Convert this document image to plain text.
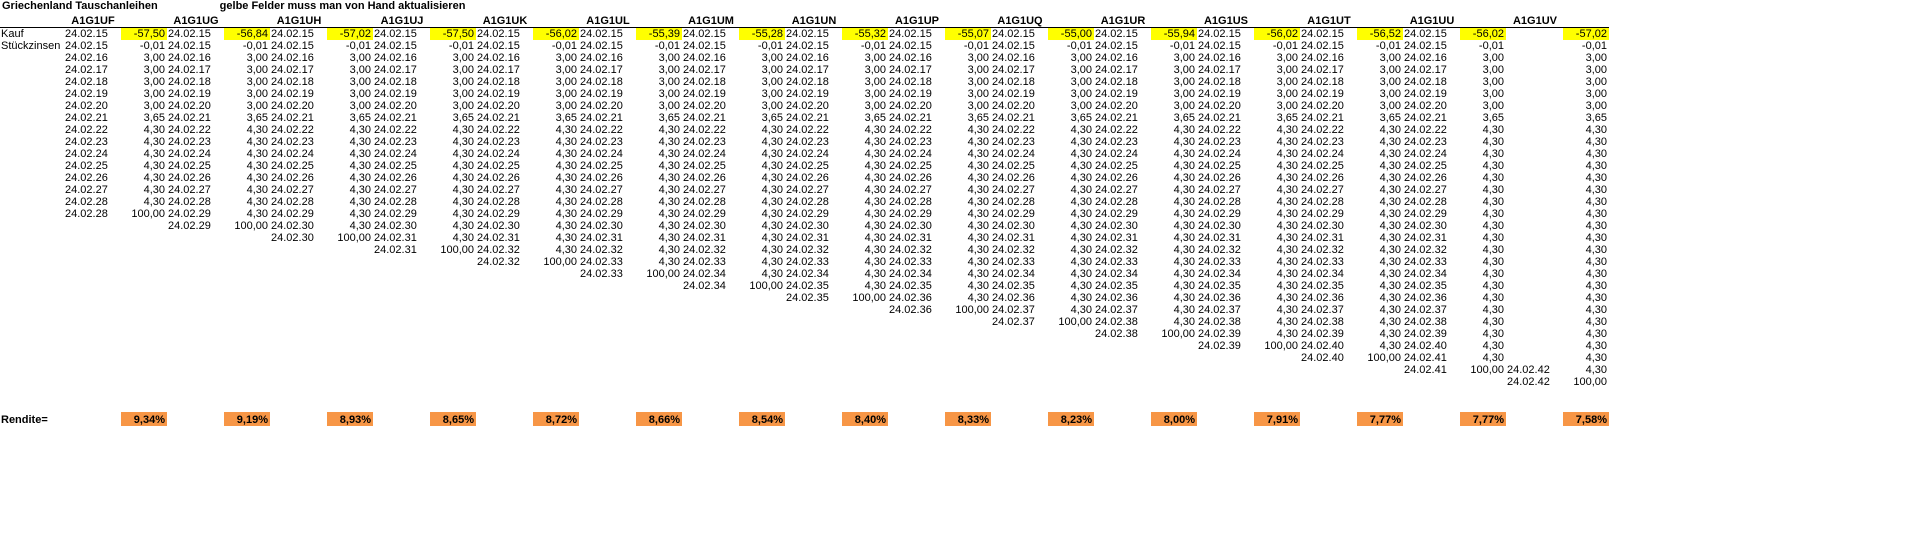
Griechenland Tauschanleihen	gelbe Felder muss man von Hand aktualisieren
	A1G1UF		A1G1UG		A1G1UH		A1G1UJ		A1G1UK		A1G1UL		A1G1UM		A1G1UN		A1G1UP		A1G1UQ		A1G1UR		A1G1US		A1G1UT		A1G1UU		A1G1UV	
Kauf	24.02.15	-57,50	24.02.15	-56,84	24.02.15	-57,02	24.02.15	-57,50	24.02.15	-56,02	24.02.15	-55,39	24.02.15	-55,28	24.02.15	-55,32	24.02.15	-55,07	24.02.15	-55,00	24.02.15	-55,94	24.02.15	-56,02	24.02.15	-56,52	24.02.15	-56,02		-57,02
Stückzinsen	24.02.15	-0,01	24.02.15	-0,01	24.02.15	-0,01	24.02.15	-0,01	24.02.15	-0,01	24.02.15	-0,01	24.02.15	-0,01	24.02.15	-0,01	24.02.15	-0,01	24.02.15	-0,01	24.02.15	-0,01	24.02.15	-0,01	24.02.15	-0,01	24.02.15	-0,01		-0,01
	24.02.16	3,00	24.02.16	3,00	24.02.16	3,00	24.02.16	3,00	24.02.16	3,00	24.02.16	3,00	24.02.16	3,00	24.02.16	3,00	24.02.16	3,00	24.02.16	3,00	24.02.16	3,00	24.02.16	3,00	24.02.16	3,00	24.02.16	3,00		3,00
	24.02.17	3,00	24.02.17	3,00	24.02.17	3,00	24.02.17	3,00	24.02.17	3,00	24.02.17	3,00	24.02.17	3,00	24.02.17	3,00	24.02.17	3,00	24.02.17	3,00	24.02.17	3,00	24.02.17	3,00	24.02.17	3,00	24.02.17	3,00		3,00
	24.02.18	3,00	24.02.18	3,00	24.02.18	3,00	24.02.18	3,00	24.02.18	3,00	24.02.18	3,00	24.02.18	3,00	24.02.18	3,00	24.02.18	3,00	24.02.18	3,00	24.02.18	3,00	24.02.18	3,00	24.02.18	3,00	24.02.18	3,00		3,00
	24.02.19	3,00	24.02.19	3,00	24.02.19	3,00	24.02.19	3,00	24.02.19	3,00	24.02.19	3,00	24.02.19	3,00	24.02.19	3,00	24.02.19	3,00	24.02.19	3,00	24.02.19	3,00	24.02.19	3,00	24.02.19	3,00	24.02.19	3,00		3,00
	24.02.20	3,00	24.02.20	3,00	24.02.20	3,00	24.02.20	3,00	24.02.20	3,00	24.02.20	3,00	24.02.20	3,00	24.02.20	3,00	24.02.20	3,00	24.02.20	3,00	24.02.20	3,00	24.02.20	3,00	24.02.20	3,00	24.02.20	3,00		3,00
	24.02.21	3,65	24.02.21	3,65	24.02.21	3,65	24.02.21	3,65	24.02.21	3,65	24.02.21	3,65	24.02.21	3,65	24.02.21	3,65	24.02.21	3,65	24.02.21	3,65	24.02.21	3,65	24.02.21	3,65	24.02.21	3,65	24.02.21	3,65		3,65
	24.02.22	4,30	24.02.22	4,30	24.02.22	4,30	24.02.22	4,30	24.02.22	4,30	24.02.22	4,30	24.02.22	4,30	24.02.22	4,30	24.02.22	4,30	24.02.22	4,30	24.02.22	4,30	24.02.22	4,30	24.02.22	4,30	24.02.22	4,30		4,30
	24.02.23	4,30	24.02.23	4,30	24.02.23	4,30	24.02.23	4,30	24.02.23	4,30	24.02.23	4,30	24.02.23	4,30	24.02.23	4,30	24.02.23	4,30	24.02.23	4,30	24.02.23	4,30	24.02.23	4,30	24.02.23	4,30	24.02.23	4,30		4,30
	24.02.24	4,30	24.02.24	4,30	24.02.24	4,30	24.02.24	4,30	24.02.24	4,30	24.02.24	4,30	24.02.24	4,30	24.02.24	4,30	24.02.24	4,30	24.02.24	4,30	24.02.24	4,30	24.02.24	4,30	24.02.24	4,30	24.02.24	4,30		4,30
	24.02.25	4,30	24.02.25	4,30	24.02.25	4,30	24.02.25	4,30	24.02.25	4,30	24.02.25	4,30	24.02.25	4,30	24.02.25	4,30	24.02.25	4,30	24.02.25	4,30	24.02.25	4,30	24.02.25	4,30	24.02.25	4,30	24.02.25	4,30		4,30
	24.02.26	4,30	24.02.26	4,30	24.02.26	4,30	24.02.26	4,30	24.02.26	4,30	24.02.26	4,30	24.02.26	4,30	24.02.26	4,30	24.02.26	4,30	24.02.26	4,30	24.02.26	4,30	24.02.26	4,30	24.02.26	4,30	24.02.26	4,30		4,30
	24.02.27	4,30	24.02.27	4,30	24.02.27	4,30	24.02.27	4,30	24.02.27	4,30	24.02.27	4,30	24.02.27	4,30	24.02.27	4,30	24.02.27	4,30	24.02.27	4,30	24.02.27	4,30	24.02.27	4,30	24.02.27	4,30	24.02.27	4,30		4,30
	24.02.28	4,30	24.02.28	4,30	24.02.28	4,30	24.02.28	4,30	24.02.28	4,30	24.02.28	4,30	24.02.28	4,30	24.02.28	4,30	24.02.28	4,30	24.02.28	4,30	24.02.28	4,30	24.02.28	4,30	24.02.28	4,30	24.02.28	4,30		4,30
	24.02.28	100,00	24.02.29	4,30	24.02.29	4,30	24.02.29	4,30	24.02.29	4,30	24.02.29	4,30	24.02.29	4,30	24.02.29	4,30	24.02.29	4,30	24.02.29	4,30	24.02.29	4,30	24.02.29	4,30	24.02.29	4,30	24.02.29	4,30		4,30
			24.02.29	100,00	24.02.30	4,30	24.02.30	4,30	24.02.30	4,30	24.02.30	4,30	24.02.30	4,30	24.02.30	4,30	24.02.30	4,30	24.02.30	4,30	24.02.30	4,30	24.02.30	4,30	24.02.30	4,30	24.02.30	4,30		4,30
					24.02.30	100,00	24.02.31	4,30	24.02.31	4,30	24.02.31	4,30	24.02.31	4,30	24.02.31	4,30	24.02.31	4,30	24.02.31	4,30	24.02.31	4,30	24.02.31	4,30	24.02.31	4,30	24.02.31	4,30		4,30
							24.02.31	100,00	24.02.32	4,30	24.02.32	4,30	24.02.32	4,30	24.02.32	4,30	24.02.32	4,30	24.02.32	4,30	24.02.32	4,30	24.02.32	4,30	24.02.32	4,30	24.02.32	4,30		4,30
									24.02.32	100,00	24.02.33	4,30	24.02.33	4,30	24.02.33	4,30	24.02.33	4,30	24.02.33	4,30	24.02.33	4,30	24.02.33	4,30	24.02.33	4,30	24.02.33	4,30		4,30
											24.02.33	100,00	24.02.34	4,30	24.02.34	4,30	24.02.34	4,30	24.02.34	4,30	24.02.34	4,30	24.02.34	4,30	24.02.34	4,30	24.02.34	4,30		4,30
													24.02.34	100,00	24.02.35	4,30	24.02.35	4,30	24.02.35	4,30	24.02.35	4,30	24.02.35	4,30	24.02.35	4,30	24.02.35	4,30		4,30
															24.02.35	100,00	24.02.36	4,30	24.02.36	4,30	24.02.36	4,30	24.02.36	4,30	24.02.36	4,30	24.02.36	4,30		4,30
																	24.02.36	100,00	24.02.37	4,30	24.02.37	4,30	24.02.37	4,30	24.02.37	4,30	24.02.37	4,30		4,30
																			24.02.37	100,00	24.02.38	4,30	24.02.38	4,30	24.02.38	4,30	24.02.38	4,30		4,30
																					24.02.38	100,00	24.02.39	4,30	24.02.39	4,30	24.02.39	4,30		4,30
																							24.02.39	100,00	24.02.40	4,30	24.02.40	4,30		4,30
																									24.02.40	100,00	24.02.41	4,30		4,30
																											24.02.41	100,00	24.02.42	4,30
																													24.02.42	100,00

Rendite=		9,34%		9,19%		8,93%		8,65%		8,72%		8,66%		8,54%		8,40%		8,33%		8,23%		8,00%		7,91%		7,77%		7,77%		7,58%
